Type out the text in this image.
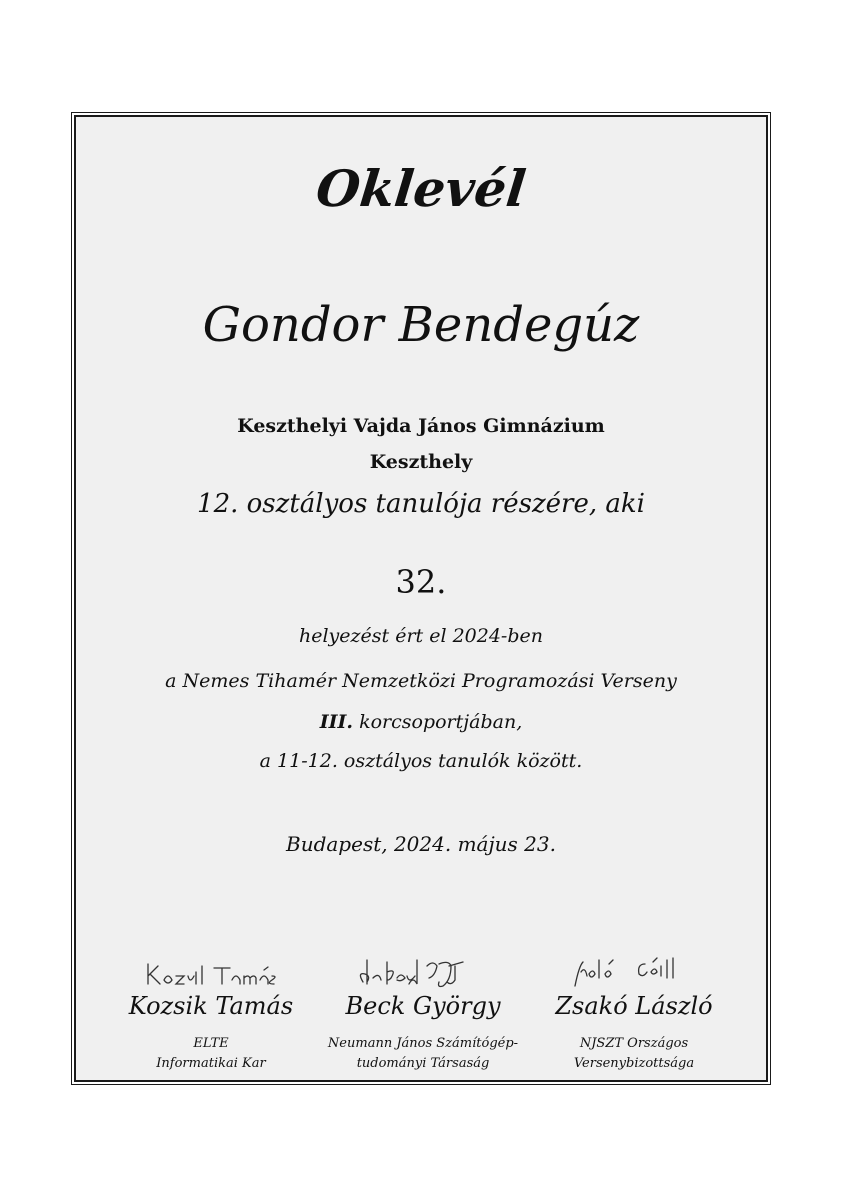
Oklevél
Gondor Bendegúz
Keszthelyi Vajda János Gimnázium
Keszthely
12. osztályos tanulója részére, aki
32.
helyezést ért el 2024-ben
a Nemes Tihamér Nemzetközi Programozási Verseny
III. korcsoportjában,
a 11-12. osztályos tanulók között.
Budapest, 2024. május 23.
Kozsik Tamás
ELTE
Informatikai Kar
Beck György
Neumann János Számítógép-
tudományi Társaság
Zsakó László
NJSZT Országos
Versenybizottsága
